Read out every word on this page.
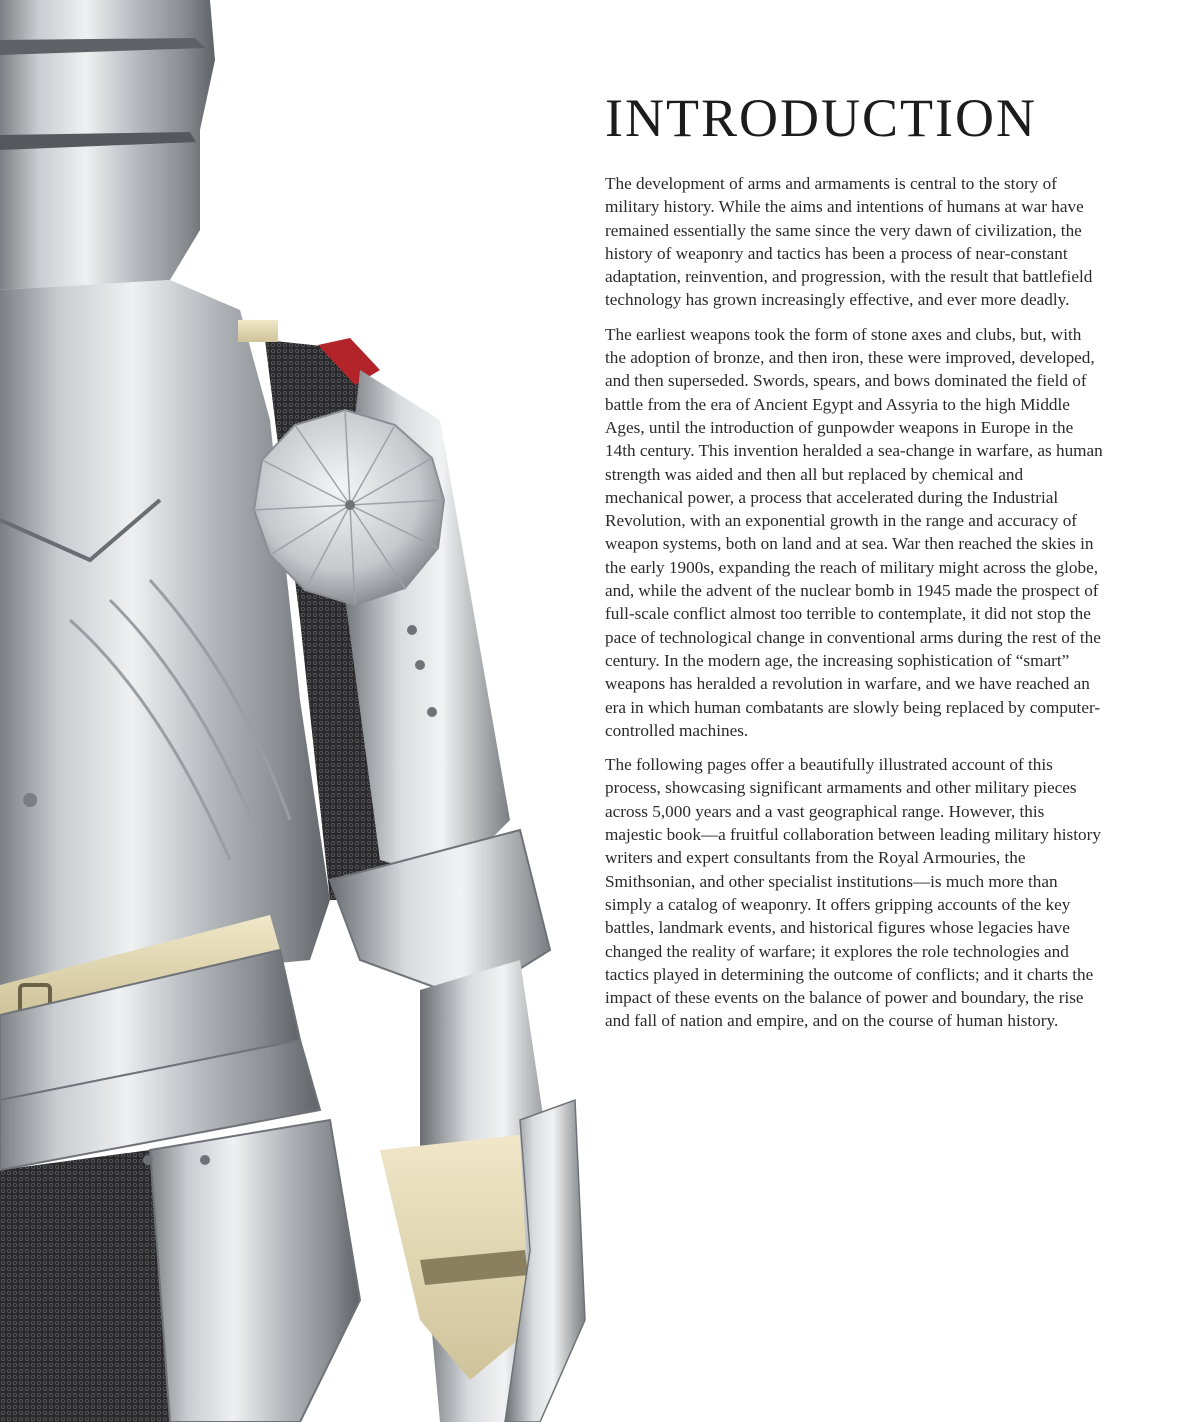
INTRODUCTION

The development of arms and armaments is central to the story of military history. While the aims and intentions of humans at war have remained essentially the same since the very dawn of civilization, the history of weaponry and tactics has been a process of near-constant adaptation, reinvention, and progression, with the result that battlefield technology has grown increasingly effective, and ever more deadly.

The earliest weapons took the form of stone axes and clubs, but, with the adoption of bronze, and then iron, these were improved, developed, and then superseded. Swords, spears, and bows dominated the field of battle from the era of Ancient Egypt and Assyria to the high Middle Ages, until the introduction of gunpowder weapons in Europe in the 14th century. This invention heralded a sea-change in warfare, as human strength was aided and then all but replaced by chemical and mechanical power, a process that accelerated during the Industrial Revolution, with an exponential growth in the range and accuracy of weapon systems, both on land and at sea. War then reached the skies in the early 1900s, expanding the reach of military might across the globe, and, while the advent of the nuclear bomb in 1945 made the prospect of full-scale conflict almost too terrible to contemplate, it did not stop the pace of technological change in conventional arms during the rest of the century. In the modern age, the increasing sophistication of “smart” weapons has heralded a revolution in warfare, and we have reached an era in which human combatants are slowly being replaced by computer-controlled machines.

The following pages offer a beautifully illustrated account of this process, showcasing significant armaments and other military pieces across 5,000 years and a vast geographical range. However, this majestic book—a fruitful collaboration between leading military history writers and expert consultants from the Royal Armouries, the Smithsonian, and other specialist institutions—is much more than simply a catalog of weaponry. It offers gripping accounts of the key battles, landmark events, and historical figures whose legacies have changed the reality of warfare; it explores the role technologies and tactics played in determining the outcome of conflicts; and it charts the impact of these events on the balance of power and boundary, the rise and fall of nation and empire, and on the course of human history.
